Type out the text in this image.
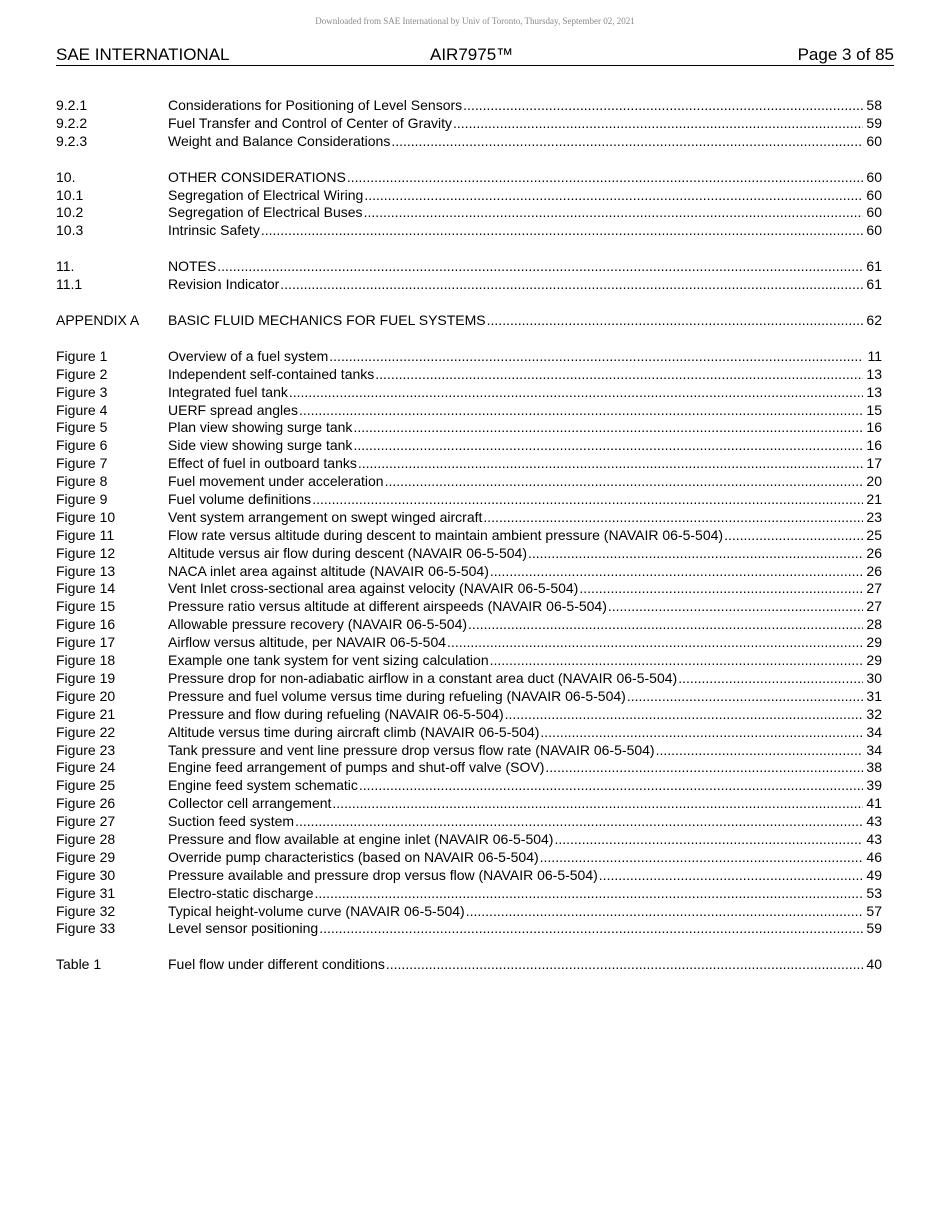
Downloaded from SAE International by Univ of Toronto, Thursday, September 02, 2021
SAE INTERNATIONAL	AIR7975™	Page 3 of 85
9.2.1	Considerations for Positioning of Level Sensors .....	58
9.2.2	Fuel Transfer and Control of Center of Gravity .....	59
9.2.3	Weight and Balance Considerations .....	60
10.	OTHER CONSIDERATIONS .....	60
10.1	Segregation of Electrical Wiring .....	60
10.2	Segregation of Electrical Buses .....	60
10.3	Intrinsic Safety .....	60
11.	NOTES .....	61
11.1	Revision Indicator .....	61
APPENDIX A	BASIC FLUID MECHANICS FOR FUEL SYSTEMS .....	62
Figure 1	Overview of a fuel system .....	11
Figure 2	Independent self-contained tanks .....	13
Figure 3	Integrated fuel tank .....	13
Figure 4	UERF spread angles .....	15
Figure 5	Plan view showing surge tank .....	16
Figure 6	Side view showing surge tank .....	16
Figure 7	Effect of fuel in outboard tanks .....	17
Figure 8	Fuel movement under acceleration .....	20
Figure 9	Fuel volume definitions .....	21
Figure 10	Vent system arrangement on swept winged aircraft .....	23
Figure 11	Flow rate versus altitude during descent to maintain ambient pressure (NAVAIR 06-5-504) .....	25
Figure 12	Altitude versus air flow during descent (NAVAIR 06-5-504) .....	26
Figure 13	NACA inlet area against altitude (NAVAIR 06-5-504) .....	26
Figure 14	Vent Inlet cross-sectional area against velocity (NAVAIR 06-5-504) .....	27
Figure 15	Pressure ratio versus altitude at different airspeeds (NAVAIR 06-5-504) .....	27
Figure 16	Allowable pressure recovery (NAVAIR 06-5-504) .....	28
Figure 17	Airflow versus altitude, per NAVAIR 06-5-504 .....	29
Figure 18	Example one tank system for vent sizing calculation .....	29
Figure 19	Pressure drop for non-adiabatic airflow in a constant area duct (NAVAIR 06-5-504) .....	30
Figure 20	Pressure and fuel volume versus time during refueling (NAVAIR 06-5-504) .....	31
Figure 21	Pressure and flow during refueling (NAVAIR 06-5-504) .....	32
Figure 22	Altitude versus time during aircraft climb (NAVAIR 06-5-504) .....	34
Figure 23	Tank pressure and vent line pressure drop versus flow rate (NAVAIR 06-5-504) .....	34
Figure 24	Engine feed arrangement of pumps and shut-off valve (SOV) .....	38
Figure 25	Engine feed system schematic .....	39
Figure 26	Collector cell arrangement .....	41
Figure 27	Suction feed system .....	43
Figure 28	Pressure and flow available at engine inlet (NAVAIR 06-5-504) .....	43
Figure 29	Override pump characteristics (based on NAVAIR 06-5-504) .....	46
Figure 30	Pressure available and pressure drop versus flow (NAVAIR 06-5-504) .....	49
Figure 31	Electro-static discharge .....	53
Figure 32	Typical height-volume curve (NAVAIR 06-5-504) .....	57
Figure 33	Level sensor positioning .....	59
Table 1	Fuel flow under different conditions .....	40
